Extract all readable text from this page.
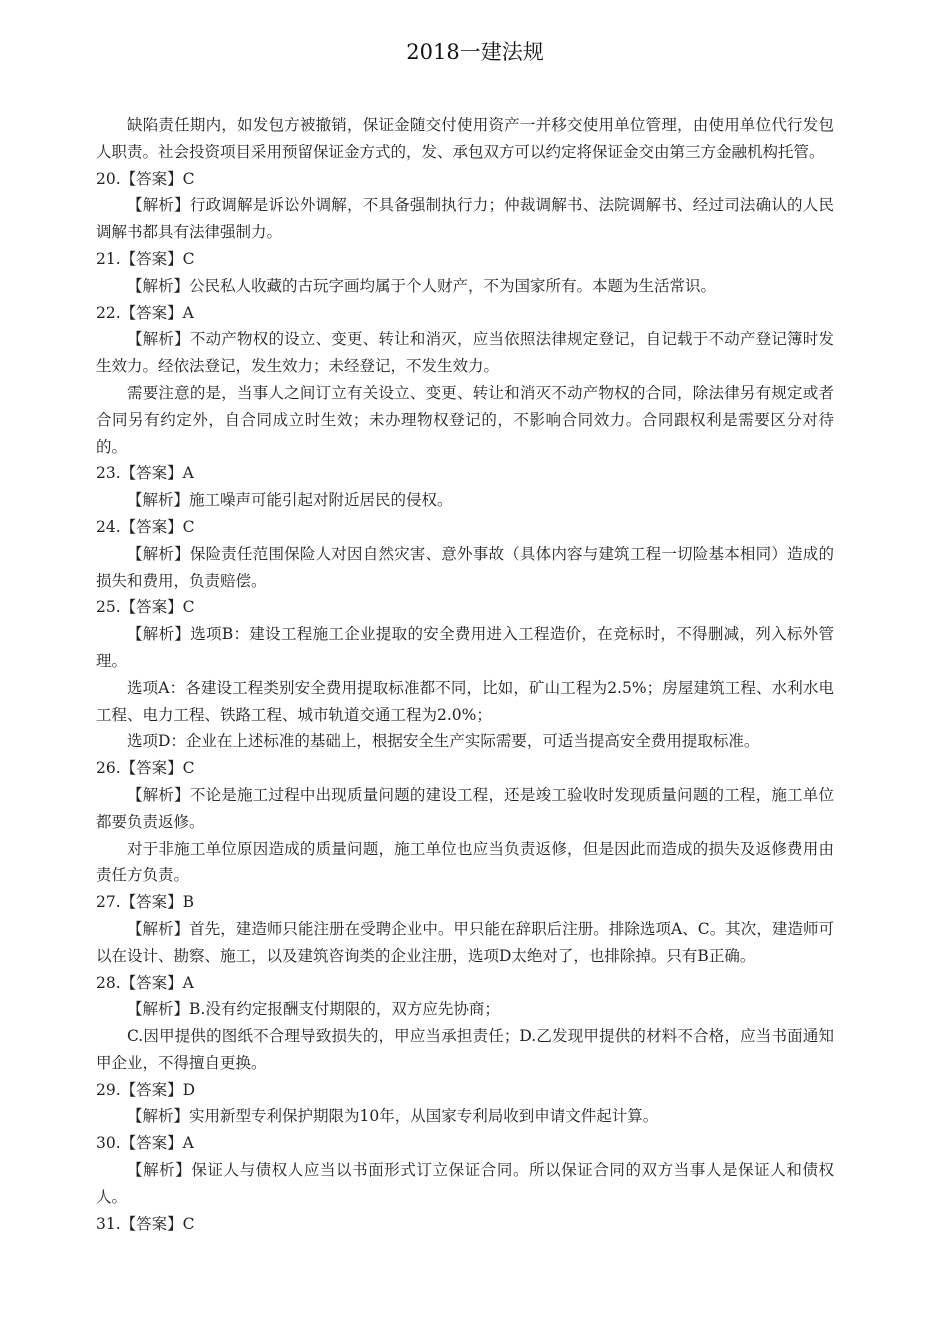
2018一建法规

缺陷责任期内，如发包方被撤销，保证金随交付使用资产一并移交使用单位管理，由使用单位代行发包人职责。社会投资项目采用预留保证金方式的，发、承包双方可以约定将保证金交由第三方金融机构托管。

20.【答案】C

【解析】行政调解是诉讼外调解，不具备强制执行力；仲裁调解书、法院调解书、经过司法确认的人民调解书都具有法律强制力。

21.【答案】C

【解析】公民私人收藏的古玩字画均属于个人财产，不为国家所有。本题为生活常识。

22.【答案】A

【解析】不动产物权的设立、变更、转让和消灭，应当依照法律规定登记，自记载于不动产登记簿时发生效力。经依法登记，发生效力；未经登记，不发生效力。

需要注意的是，当事人之间订立有关设立、变更、转让和消灭不动产物权的合同，除法律另有规定或者合同另有约定外，自合同成立时生效；未办理物权登记的，不影响合同效力。合同跟权利是需要区分对待的。

23.【答案】A

【解析】施工噪声可能引起对附近居民的侵权。

24.【答案】C

【解析】保险责任范围保险人对因自然灾害、意外事故（具体内容与建筑工程一切险基本相同）造成的损失和费用，负责赔偿。

25.【答案】C

【解析】选项B：建设工程施工企业提取的安全费用进入工程造价，在竞标时，不得删减，列入标外管理。

选项A：各建设工程类别安全费用提取标准都不同，比如，矿山工程为2.5%；房屋建筑工程、水利水电工程、电力工程、铁路工程、城市轨道交通工程为2.0%；

选项D：企业在上述标准的基础上，根据安全生产实际需要，可适当提高安全费用提取标准。

26.【答案】C

【解析】不论是施工过程中出现质量问题的建设工程，还是竣工验收时发现质量问题的工程，施工单位都要负责返修。

对于非施工单位原因造成的质量问题，施工单位也应当负责返修，但是因此而造成的损失及返修费用由责任方负责。

27.【答案】B

【解析】首先，建造师只能注册在受聘企业中。甲只能在辞职后注册。排除选项A、C。其次，建造师可以在设计、勘察、施工，以及建筑咨询类的企业注册，选项D太绝对了，也排除掉。只有B正确。

28.【答案】A

【解析】B.没有约定报酬支付期限的，双方应先协商；

C.因甲提供的图纸不合理导致损失的，甲应当承担责任；D.乙发现甲提供的材料不合格，应当书面通知甲企业，不得擅自更换。

29.【答案】D

【解析】实用新型专利保护期限为10年，从国家专利局收到申请文件起计算。

30.【答案】A

【解析】保证人与债权人应当以书面形式订立保证合同。所以保证合同的双方当事人是保证人和债权人。

31.【答案】C
